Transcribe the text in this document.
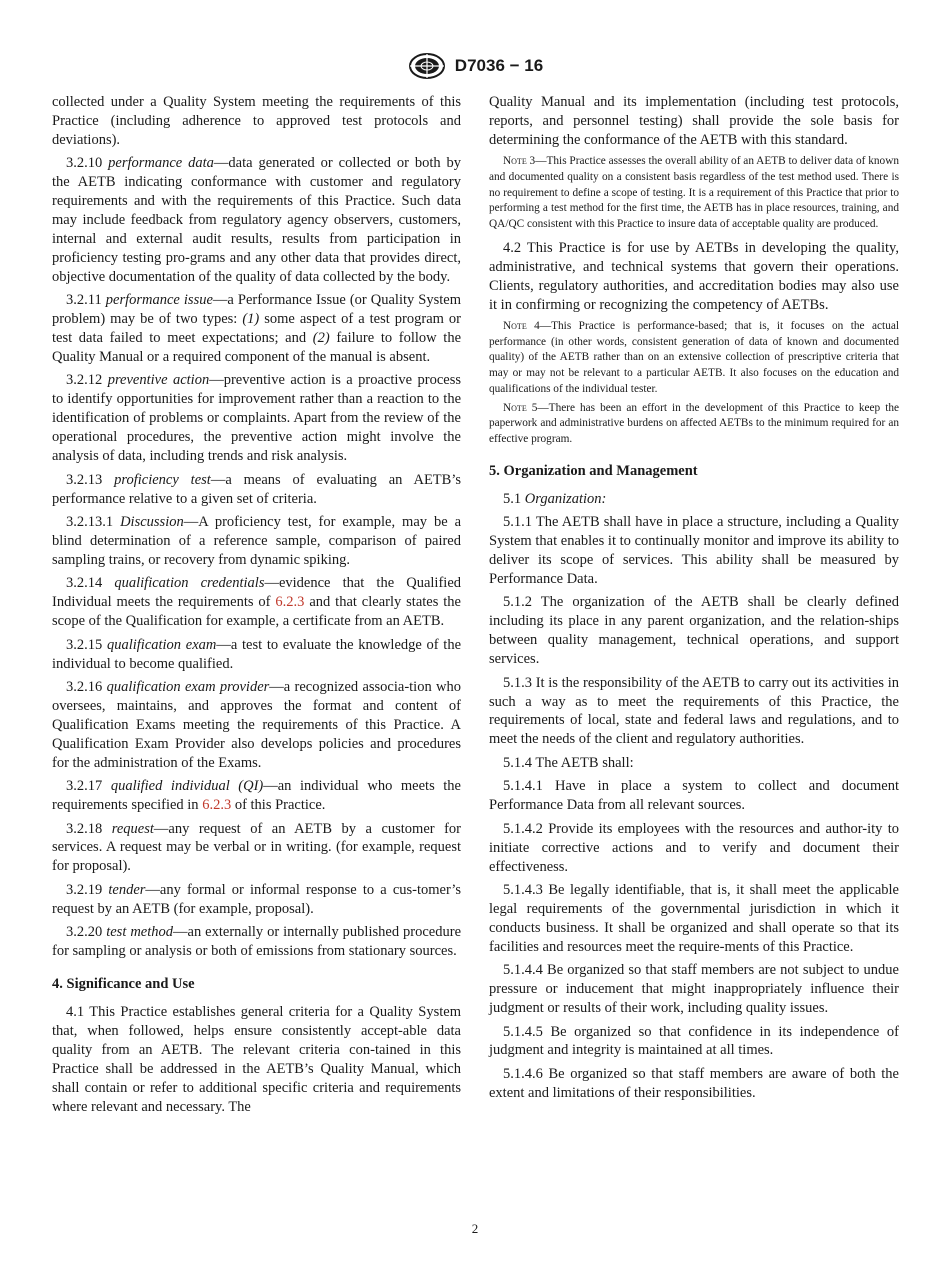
D7036 − 16

collected under a Quality System meeting the requirements of this Practice (including adherence to approved test protocols and deviations).

3.2.10 performance data—data generated or collected or both by the AETB indicating conformance with customer and regulatory requirements and with the requirements of this Practice. Such data may include feedback from regulatory agency observers, customers, internal and external audit results, results from participation in proficiency testing pro-grams and any other data that provides direct, objective documentation of the quality of data collected by the body.

3.2.11 performance issue—a Performance Issue (or Quality System problem) may be of two types: (1) some aspect of a test program or test data failed to meet expectations; and (2) failure to follow the Quality Manual or a required component of the manual is absent.

3.2.12 preventive action—preventive action is a proactive process to identify opportunities for improvement rather than a reaction to the identification of problems or complaints. Apart from the review of the operational procedures, the preventive action might involve the analysis of data, including trends and risk analysis.

3.2.13 proficiency test—a means of evaluating an AETB’s performance relative to a given set of criteria.

3.2.13.1 Discussion—A proficiency test, for example, may be a blind determination of a reference sample, comparison of paired sampling trains, or recovery from dynamic spiking.

3.2.14 qualification credentials—evidence that the Qualified Individual meets the requirements of 6.2.3 and that clearly states the scope of the Qualification for example, a certificate from an AETB.

3.2.15 qualification exam—a test to evaluate the knowledge of the individual to become qualified.

3.2.16 qualification exam provider—a recognized associa-tion who oversees, maintains, and approves the format and content of Qualification Exams meeting the requirements of this Practice. A Qualification Exam Provider also develops policies and procedures for the administration of the Exams.

3.2.17 qualified individual (QI)—an individual who meets the requirements specified in 6.2.3 of this Practice.

3.2.18 request—any request of an AETB by a customer for services. A request may be verbal or in writing. (for example, request for proposal).

3.2.19 tender—any formal or informal response to a cus-tomer’s request by an AETB (for example, proposal).

3.2.20 test method—an externally or internally published procedure for sampling or analysis or both of emissions from stationary sources.

4. Significance and Use

4.1 This Practice establishes general criteria for a Quality System that, when followed, helps ensure consistently accept-able data quality from an AETB. The relevant criteria con-tained in this Practice shall be addressed in the AETB’s Quality Manual, which shall contain or refer to additional specific criteria and requirements where relevant and necessary. The

Quality Manual and its implementation (including test protocols, reports, and personnel testing) shall provide the sole basis for determining the conformance of the AETB with this standard.

Note 3—This Practice assesses the overall ability of an AETB to deliver data of known and documented quality on a consistent basis regardless of the test method used. There is no requirement to define a scope of testing. It is a requirement of this Practice that prior to performing a test method for the first time, the AETB has in place resources, training, and QA/QC consistent with this Practice to insure data of acceptable quality are produced.

4.2 This Practice is for use by AETBs in developing the quality, administrative, and technical systems that govern their operations. Clients, regulatory authorities, and accreditation bodies may also use it in confirming or recognizing the competency of AETBs.

Note 4—This Practice is performance-based; that is, it focuses on the actual performance (in other words, consistent generation of data of known and documented quality) of the AETB rather than on an extensive collection of prescriptive criteria that may or may not be relevant to a particular AETB. It also focuses on the education and qualifications of the individual tester.

Note 5—There has been an effort in the development of this Practice to keep the paperwork and administrative burdens on affected AETBs to the minimum required for an effective program.

5. Organization and Management

5.1 Organization:

5.1.1 The AETB shall have in place a structure, including a Quality System that enables it to continually monitor and improve its ability to deliver its scope of services. This ability shall be measured by Performance Data.

5.1.2 The organization of the AETB shall be clearly defined including its place in any parent organization, and the relation-ships between quality management, technical operations, and support services.

5.1.3 It is the responsibility of the AETB to carry out its activities in such a way as to meet the requirements of this Practice, the requirements of local, state and federal laws and regulations, and to meet the needs of the client and regulatory authorities.

5.1.4 The AETB shall:

5.1.4.1 Have in place a system to collect and document Performance Data from all relevant sources.

5.1.4.2 Provide its employees with the resources and author-ity to initiate corrective actions and to verify and document their effectiveness.

5.1.4.3 Be legally identifiable, that is, it shall meet the applicable legal requirements of the governmental jurisdiction in which it conducts business. It shall be organized and shall operate so that its facilities and resources meet the require-ments of this Practice.

5.1.4.4 Be organized so that staff members are not subject to undue pressure or inducement that might inappropriately influence their judgment or results of their work, including quality issues.

5.1.4.5 Be organized so that confidence in its independence of judgment and integrity is maintained at all times.

5.1.4.6 Be organized so that staff members are aware of both the extent and limitations of their responsibilities.

2
